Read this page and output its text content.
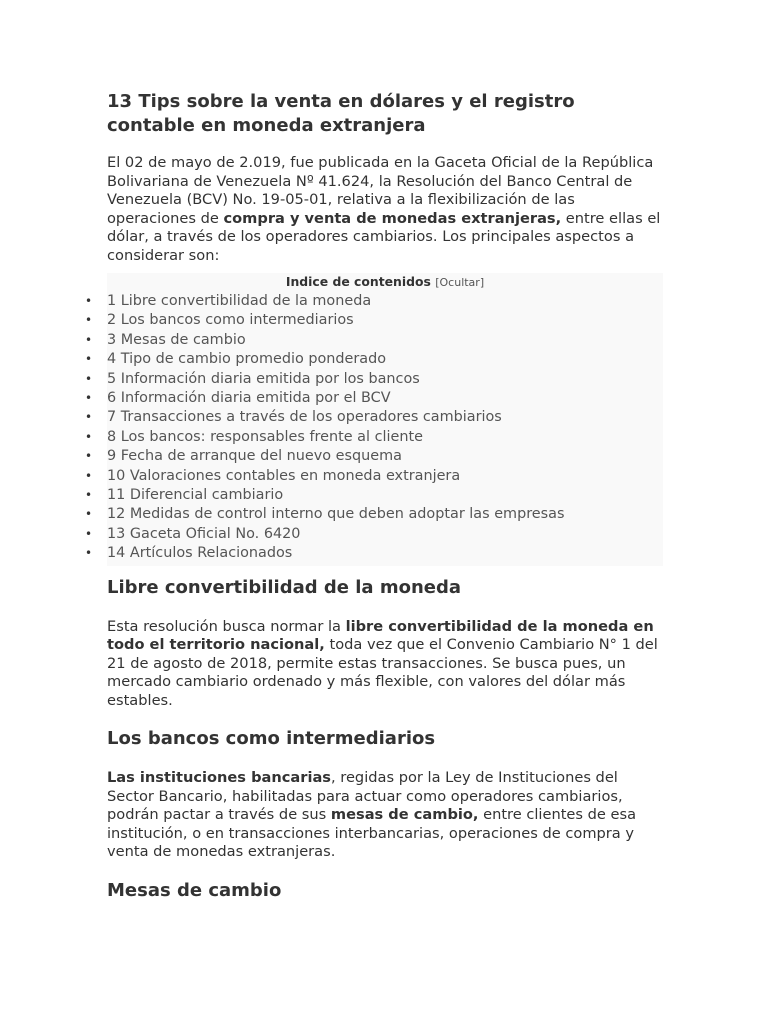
13 Tips sobre la venta en dólares y el registro contable en moneda extranjera

El 02 de mayo de 2.019, fue publicada en la Gaceta Oficial de la República Bolivariana de Venezuela Nº 41.624, la Resolución del Banco Central de Venezuela (BCV) No. 19-05-01, relativa a la flexibilización de las operaciones de compra y venta de monedas extranjeras, entre ellas el dólar, a través de los operadores cambiarios. Los principales aspectos a considerar son:

Indice de contenidos [Ocultar]
• 1 Libre convertibilidad de la moneda
• 2 Los bancos como intermediarios
• 3 Mesas de cambio
• 4 Tipo de cambio promedio ponderado
• 5 Información diaria emitida por los bancos
• 6 Información diaria emitida por el BCV
• 7 Transacciones a través de los operadores cambiarios
• 8 Los bancos: responsables frente al cliente
• 9 Fecha de arranque del nuevo esquema
• 10 Valoraciones contables en moneda extranjera
• 11 Diferencial cambiario
• 12 Medidas de control interno que deben adoptar las empresas
• 13 Gaceta Oficial No. 6420
• 14 Artículos Relacionados
Libre convertibilidad de la moneda

Esta resolución busca normar la libre convertibilidad de la moneda en todo el territorio nacional, toda vez que el Convenio Cambiario N° 1 del 21 de agosto de 2018, permite estas transacciones. Se busca pues, un mercado cambiario ordenado y más flexible, con valores del dólar más estables.

Los bancos como intermediarios

Las instituciones bancarias, regidas por la Ley de Instituciones del Sector Bancario, habilitadas para actuar como operadores cambiarios, podrán pactar a través de sus mesas de cambio, entre clientes de esa institución, o en transacciones interbancarias, operaciones de compra y venta de monedas extranjeras.

Mesas de cambio
